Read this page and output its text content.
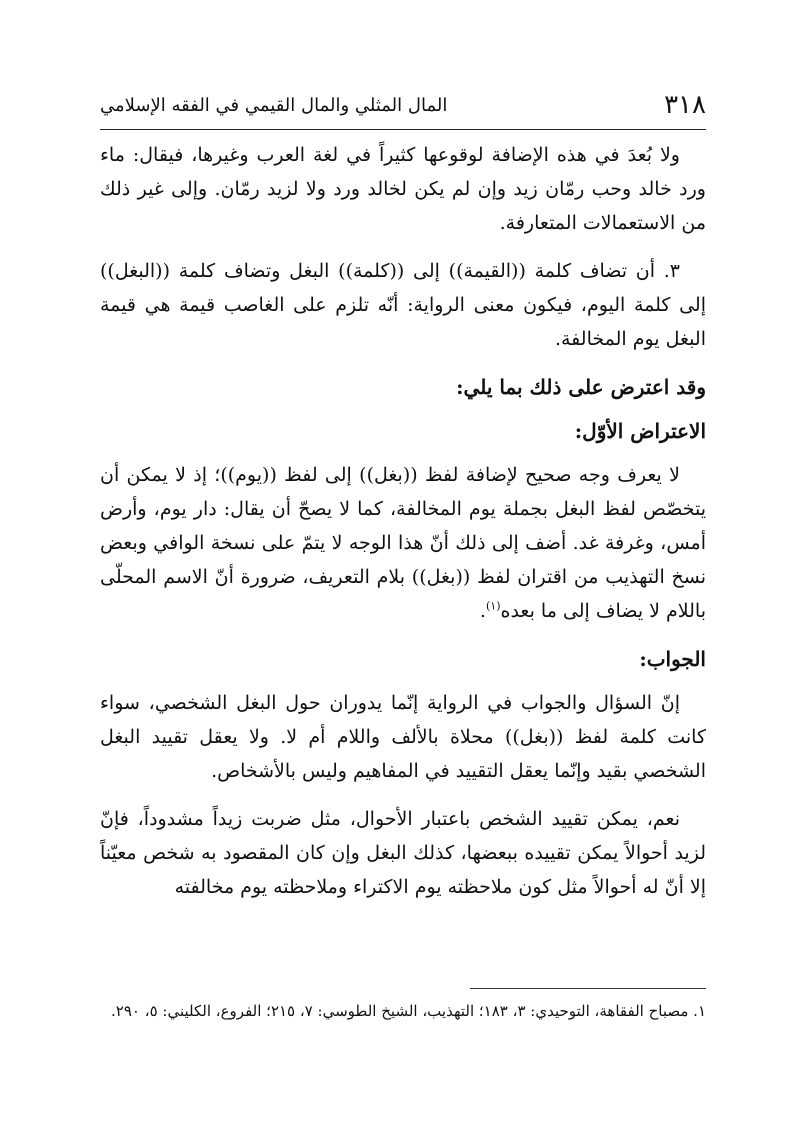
٣١٨

المال المثلي والمال القيمي في الفقه الإسلامي

ولا بُعدَ في هذه الإضافة لوقوعها كثيراً في لغة العرب وغيرها، فيقال: ماء ورد خالد وحب رمّان زيد وإن لم يكن لخالد ورد ولا لزيد رمّان. وإلى غير ذلك من الاستعمالات المتعارفة.

٣. أن تضاف كلمة ((القيمة)) إلى ((كلمة)) البغل وتضاف كلمة ((البغل)) إلى كلمة اليوم، فيكون معنى الرواية: أنّه تلزم على الغاصب قيمة هي قيمة البغل يوم المخالفة.

وقد اعترض على ذلك بما يلي:

الاعتراض الأوّل:

لا يعرف وجه صحيح لإضافة لفظ ((بغل)) إلى لفظ ((يوم))؛ إذ لا يمكن أن يتخصّص لفظ البغل بجملة يوم المخالفة، كما لا يصحّ أن يقال: دار يوم، وأرض أمس، وغرفة غد. أضف إلى ذلك أنّ هذا الوجه لا يتمّ على نسخة الوافي وبعض نسخ التهذيب من اقتران لفظ ((بغل)) بلام التعريف، ضرورة أنّ الاسم المحلّى باللام لا يضاف إلى ما بعده$^{(١)}$.

الجواب:

إنّ السؤال والجواب في الرواية إنّما يدوران حول البغل الشخصي، سواء كانت كلمة لفظ ((بغل)) محلاة بالألف واللام أم لا. ولا يعقل تقييد البغل الشخصي بقيد وإنّما يعقل التقييد في المفاهيم وليس بالأشخاص.

نعم، يمكن تقييد الشخص باعتبار الأحوال، مثل ضربت زيداً مشدوداً، فإنّ لزيد أحوالاً يمكن تقييده ببعضها، كذلك البغل وإن كان المقصود به شخص معيّناً إلا أنّ له أحوالاً مثل كون ملاحظته يوم الاكتراء وملاحظته يوم مخالفته

١. مصباح الفقاهة، التوحيدي: ٣، ١٨٣؛ التهذيب، الشيخ الطوسي: ٧، ٢١٥؛ الفروع، الكليني: ٥، ٢٩٠.
